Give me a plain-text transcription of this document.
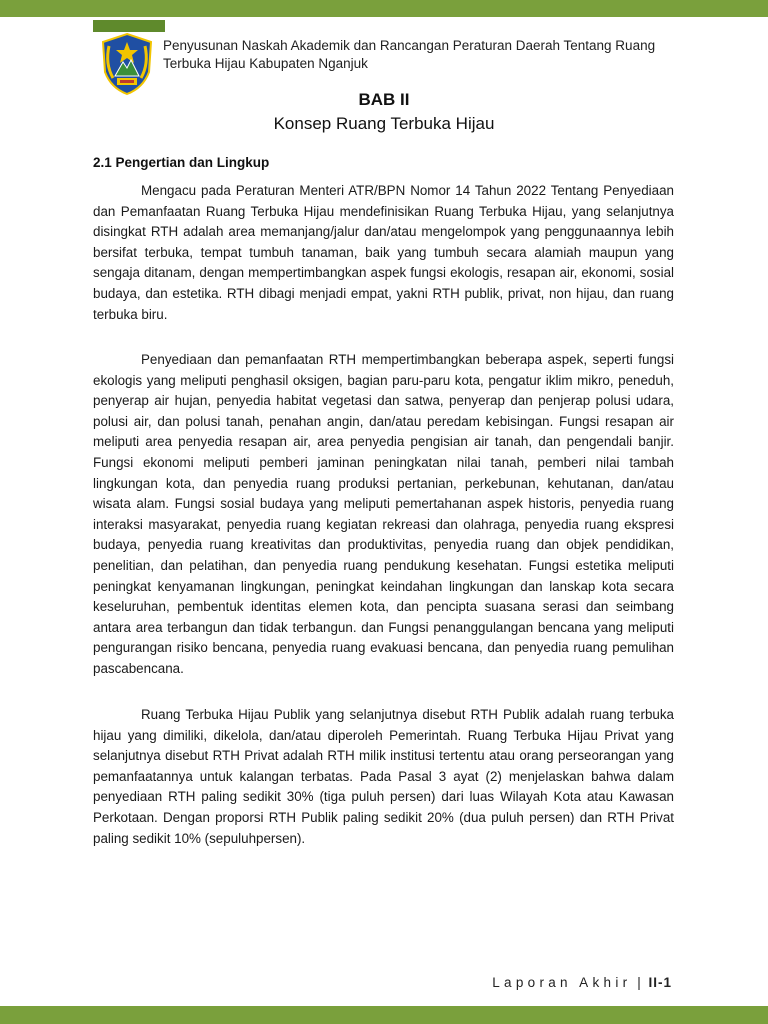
Penyusunan Naskah Akademik dan Rancangan Peraturan Daerah Tentang Ruang
Terbuka Hijau Kabupaten Nganjuk
BAB II
Konsep Ruang Terbuka Hijau
2.1 Pengertian dan Lingkup

Mengacu pada Peraturan Menteri ATR/BPN Nomor 14 Tahun 2022 Tentang Penyediaan dan Pemanfaatan Ruang Terbuka Hijau mendefinisikan Ruang Terbuka Hijau, yang selanjutnya disingkat RTH adalah area memanjang/jalur dan/atau mengelompok yang penggunaannya lebih bersifat terbuka, tempat tumbuh tanaman, baik yang tumbuh secara alamiah maupun yang sengaja ditanam, dengan mempertimbangkan aspek fungsi ekologis, resapan air, ekonomi, sosial budaya, dan estetika. RTH dibagi menjadi empat, yakni RTH publik, privat, non hijau, dan ruang terbuka biru.

Penyediaan dan pemanfaatan RTH mempertimbangkan beberapa aspek, seperti fungsi ekologis yang meliputi penghasil oksigen, bagian paru-paru kota, pengatur iklim mikro, peneduh, penyerap air hujan, penyedia habitat vegetasi dan satwa, penyerap dan penjerap polusi udara, polusi air, dan polusi tanah, penahan angin, dan/atau peredam kebisingan. Fungsi resapan air meliputi area penyedia resapan air, area penyedia pengisian air tanah, dan pengendali banjir. Fungsi ekonomi meliputi pemberi jaminan peningkatan nilai tanah, pemberi nilai tambah lingkungan kota, dan penyedia ruang produksi pertanian, perkebunan, kehutanan, dan/atau wisata alam. Fungsi sosial budaya yang meliputi pemertahanan aspek historis, penyedia ruang interaksi masyarakat, penyedia ruang kegiatan rekreasi dan olahraga, penyedia ruang ekspresi budaya, penyedia ruang kreativitas dan produktivitas, penyedia ruang dan objek pendidikan, penelitian, dan pelatihan, dan penyedia ruang pendukung kesehatan. Fungsi estetika meliputi peningkat kenyamanan lingkungan, peningkat keindahan lingkungan dan lanskap kota secara keseluruhan, pembentuk identitas elemen kota, dan pencipta suasana serasi dan seimbang antara area terbangun dan tidak terbangun. dan Fungsi penanggulangan bencana yang meliputi pengurangan risiko bencana, penyedia ruang evakuasi bencana, dan penyedia ruang pemulihan pascabencana.

Ruang Terbuka Hijau Publik yang selanjutnya disebut RTH Publik adalah ruang terbuka hijau yang dimiliki, dikelola, dan/atau diperoleh Pemerintah. Ruang Terbuka Hijau Privat yang selanjutnya disebut RTH Privat adalah RTH milik institusi tertentu atau orang perseorangan yang pemanfaatannya untuk kalangan terbatas. Pada Pasal 3 ayat (2) menjelaskan bahwa dalam penyediaan RTH paling sedikit 30% (tiga puluh persen) dari luas Wilayah Kota atau Kawasan Perkotaan. Dengan proporsi RTH Publik paling sedikit 20% (dua puluh persen) dan RTH Privat paling sedikit 10% (sepuluhpersen).

Laporan Akhir | II-1
